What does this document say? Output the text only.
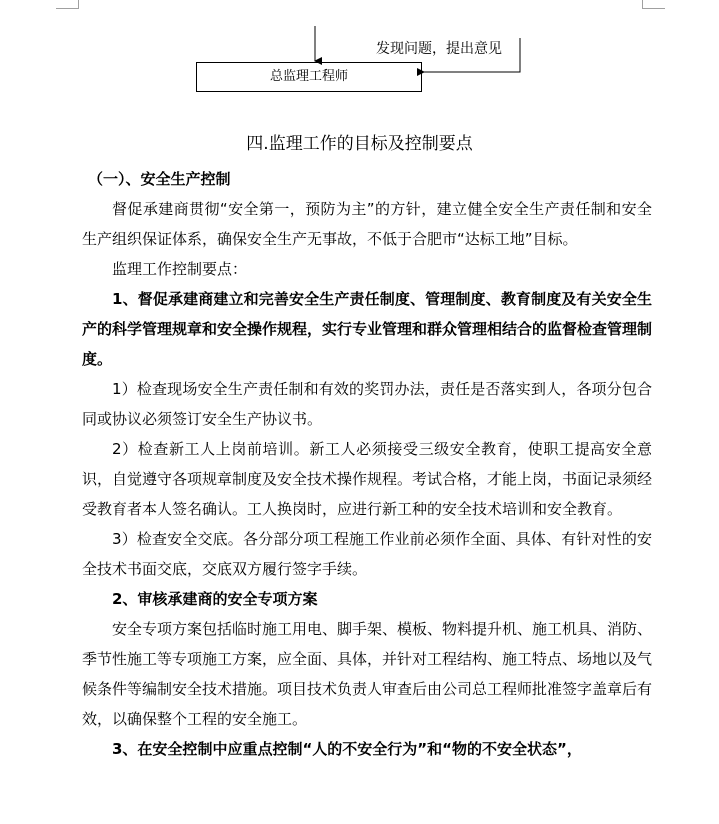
总监理工程师
发现问题，提出意见
四.监理工作的目标及控制要点

（一）、安全生产控制

督促承建商贯彻“安全第一，预防为主”的方针，建立健全安全生产责任制和安全生产组织保证体系，确保安全生产无事故，不低于合肥市“达标工地”目标。

监理工作控制要点：

1、督促承建商建立和完善安全生产责任制度、管理制度、教育制度及有关安全生产的科学管理规章和安全操作规程，实行专业管理和群众管理相结合的监督检查管理制度。

1）检查现场安全生产责任制和有效的奖罚办法，责任是否落实到人，各项分包合同或协议必须签订安全生产协议书。

2）检查新工人上岗前培训。新工人必须接受三级安全教育，使职工提高安全意识，自觉遵守各项规章制度及安全技术操作规程。考试合格，才能上岗，书面记录须经受教育者本人签名确认。工人换岗时，应进行新工种的安全技术培训和安全教育。

3）检查安全交底。各分部分项工程施工作业前必须作全面、具体、有针对性的安全技术书面交底，交底双方履行签字手续。

2、审核承建商的安全专项方案

安全专项方案包括临时施工用电、脚手架、模板、物料提升机、施工机具、消防、季节性施工等专项施工方案，应全面、具体，并针对工程结构、施工特点、场地以及气候条件等编制安全技术措施。项目技术负责人审查后由公司总工程师批准签字盖章后有效，以确保整个工程的安全施工。

3、在安全控制中应重点控制“人的不安全行为”和“物的不安全状态”，
